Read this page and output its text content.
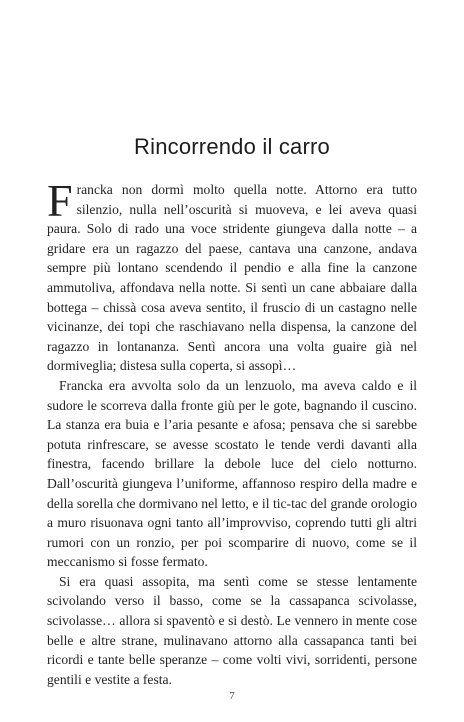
Rincorrendo il carro

Francka non dormì molto quella notte. Attorno era tutto silenzio, nulla nell’oscurità si muoveva, e lei aveva quasi paura. Solo di rado una voce stridente giungeva dalla notte – a gridare era un ragazzo del paese, cantava una canzone, andava sempre più lontano scendendo il pendio e alla fine la canzone ammutoliva, affondava nella notte. Si sentì un cane abbaiare dalla bottega – chissà cosa aveva sentito, il fruscio di un castagno nelle vicinanze, dei topi che raschiavano nella dispensa, la canzone del ragazzo in lontananza. Sentì ancora una volta guaire già nel dormiveglia; distesa sulla coperta, si assopì…

Francka era avvolta solo da un lenzuolo, ma aveva caldo e il sudore le scorreva dalla fronte giù per le gote, bagnando il cuscino. La stanza era buia e l’aria pesante e afosa; pensava che si sarebbe potuta rinfrescare, se avesse scostato le tende verdi davanti alla finestra, facendo brillare la debole luce del cielo notturno. Dall’oscurità giungeva l’uniforme, affannoso respiro della madre e della sorella che dormivano nel letto, e il tic-tac del grande orologio a muro risuonava ogni tanto all’improvviso, coprendo tutti gli altri rumori con un ronzio, per poi scomparire di nuovo, come se il meccanismo si fosse fermato.

Si era quasi assopita, ma sentì come se stesse lentamente scivolando verso il basso, come se la cassapanca scivolasse, scivolasse… allora si spaventò e si destò. Le vennero in mente cose belle e altre strane, mulinavano attorno alla cassapanca tanti bei ricordi e tante belle speranze – come volti vivi, sorridenti, persone gentili e vestite a festa.

7
